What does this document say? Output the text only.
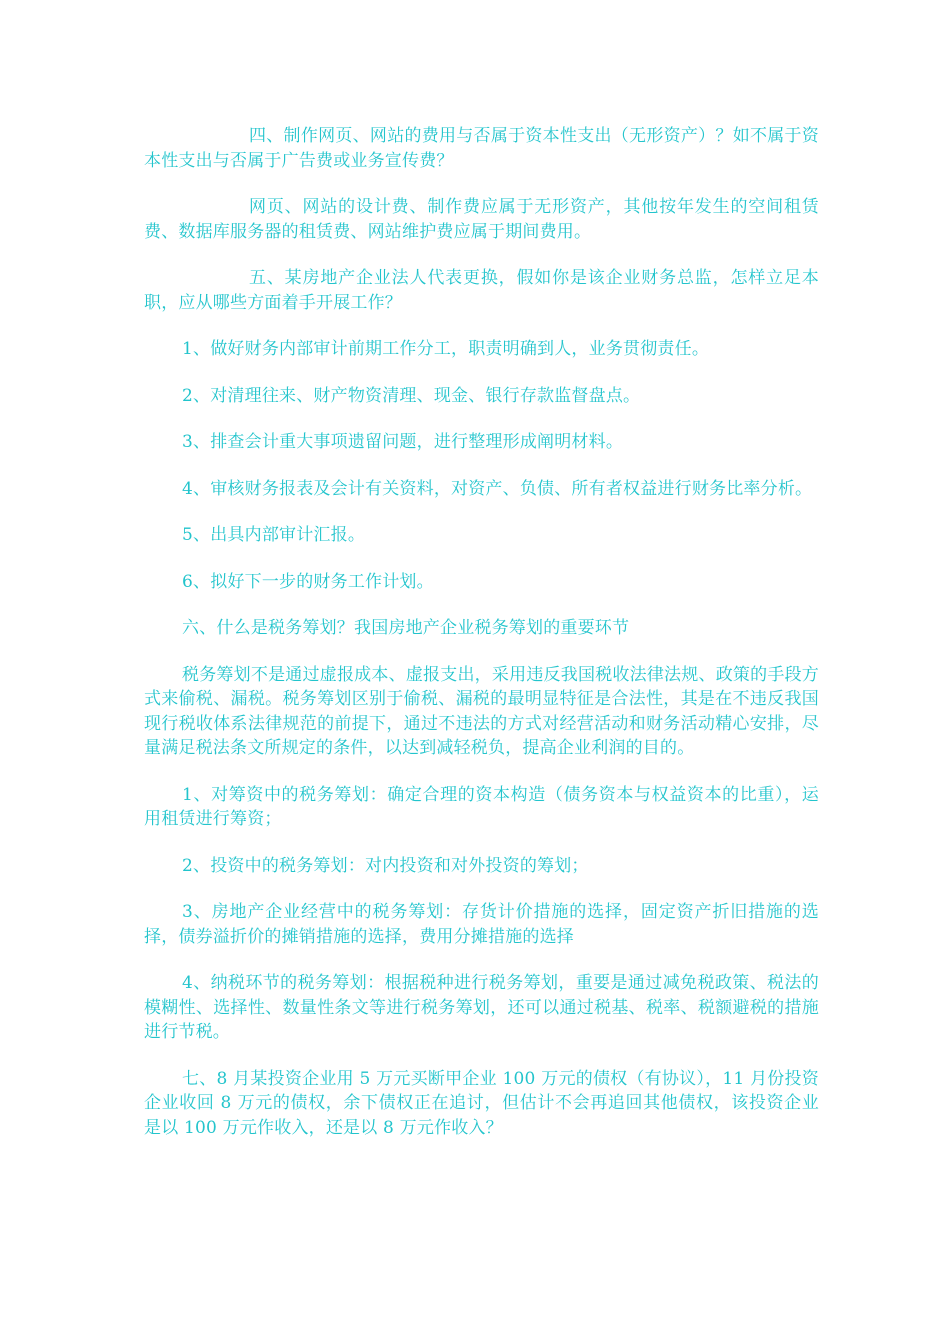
四、制作网页、网站的费用与否属于资本性支出（无形资产）？如不属于资本性支出与否属于广告费或业务宣传费？

网页、网站的设计费、制作费应属于无形资产，其他按年发生的空间租赁费、数据库服务器的租赁费、网站维护费应属于期间费用。

五、某房地产企业法人代表更换，假如你是该企业财务总监，怎样立足本职，应从哪些方面着手开展工作？

1、做好财务内部审计前期工作分工，职责明确到人，业务贯彻责任。

2、对清理往来、财产物资清理、现金、银行存款监督盘点。

3、排查会计重大事项遗留问题，进行整理形成阐明材料。

4、审核财务报表及会计有关资料，对资产、负债、所有者权益进行财务比率分析。

5、出具内部审计汇报。

6、拟好下一步的财务工作计划。

六、什么是税务筹划？我国房地产企业税务筹划的重要环节

税务筹划不是通过虚报成本、虚报支出，采用违反我国税收法律法规、政策的手段方式来偷税、漏税。税务筹划区别于偷税、漏税的最明显特征是合法性，其是在不违反我国现行税收体系法律规范的前提下，通过不违法的方式对经营活动和财务活动精心安排，尽量满足税法条文所规定的条件，以达到减轻税负，提高企业利润的目的。

1、对筹资中的税务筹划：确定合理的资本构造（债务资本与权益资本的比重），运用租赁进行筹资；

2、投资中的税务筹划：对内投资和对外投资的筹划；

3、房地产企业经营中的税务筹划：存货计价措施的选择，固定资产折旧措施的选择，债券溢折价的摊销措施的选择，费用分摊措施的选择

4、纳税环节的税务筹划：根据税种进行税务筹划，重要是通过减免税政策、税法的模糊性、选择性、数量性条文等进行税务筹划，还可以通过税基、税率、税额避税的措施进行节税。

七、8 月某投资企业用 5 万元买断甲企业 100 万元的债权（有协议），11 月份投资企业收回 8 万元的债权，余下债权正在追讨，但估计不会再追回其他债权，该投资企业是以 100 万元作收入，还是以 8 万元作收入？
